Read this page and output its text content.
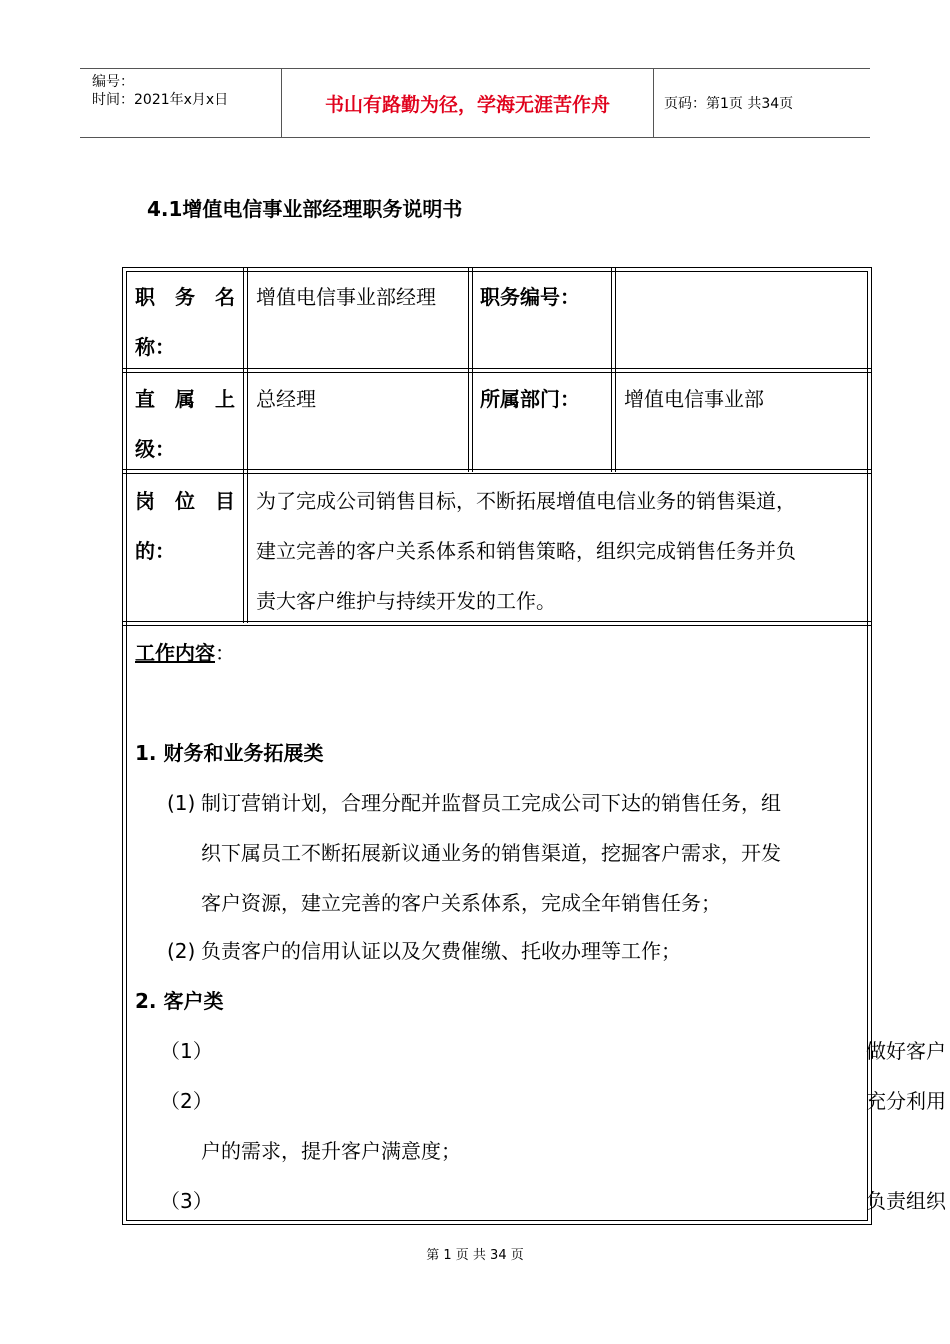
编号：
时间：2021年x月x日	书山有路勤为径，学海无涯苦作舟	页码：第1页 共34页
4.1增值电信事业部经理职务说明书
职 务 名
称：
增值电信事业部经理 职务编号：
直 属 上
级：
总经理	所属部门： 增值电信事业部
岗 位 目
的：
为了完成公司销售目标，不断拓展增值电信业务的销售渠道，
建立完善的客户关系体系和销售策略，组织完成销售任务并负
责大客户维护与持续开发的工作。
工作内容：
1. 财务和业务拓展类
(1) 制订营销计划，合理分配并监督员工完成公司下达的销售任务，组
织下属员工不断拓展新议通业务的销售渠道，挖掘客户需求，开发
客户资源，建立完善的客户关系体系，完成全年销售任务；
(2) 负责客户的信用认证以及欠费催缴、托收办理等工作；
2. 客户类
（1）	做好客户
（2）	充分利用
户的需求，提升客户满意度；
（3）	负责组织
第 1 页 共 34 页
